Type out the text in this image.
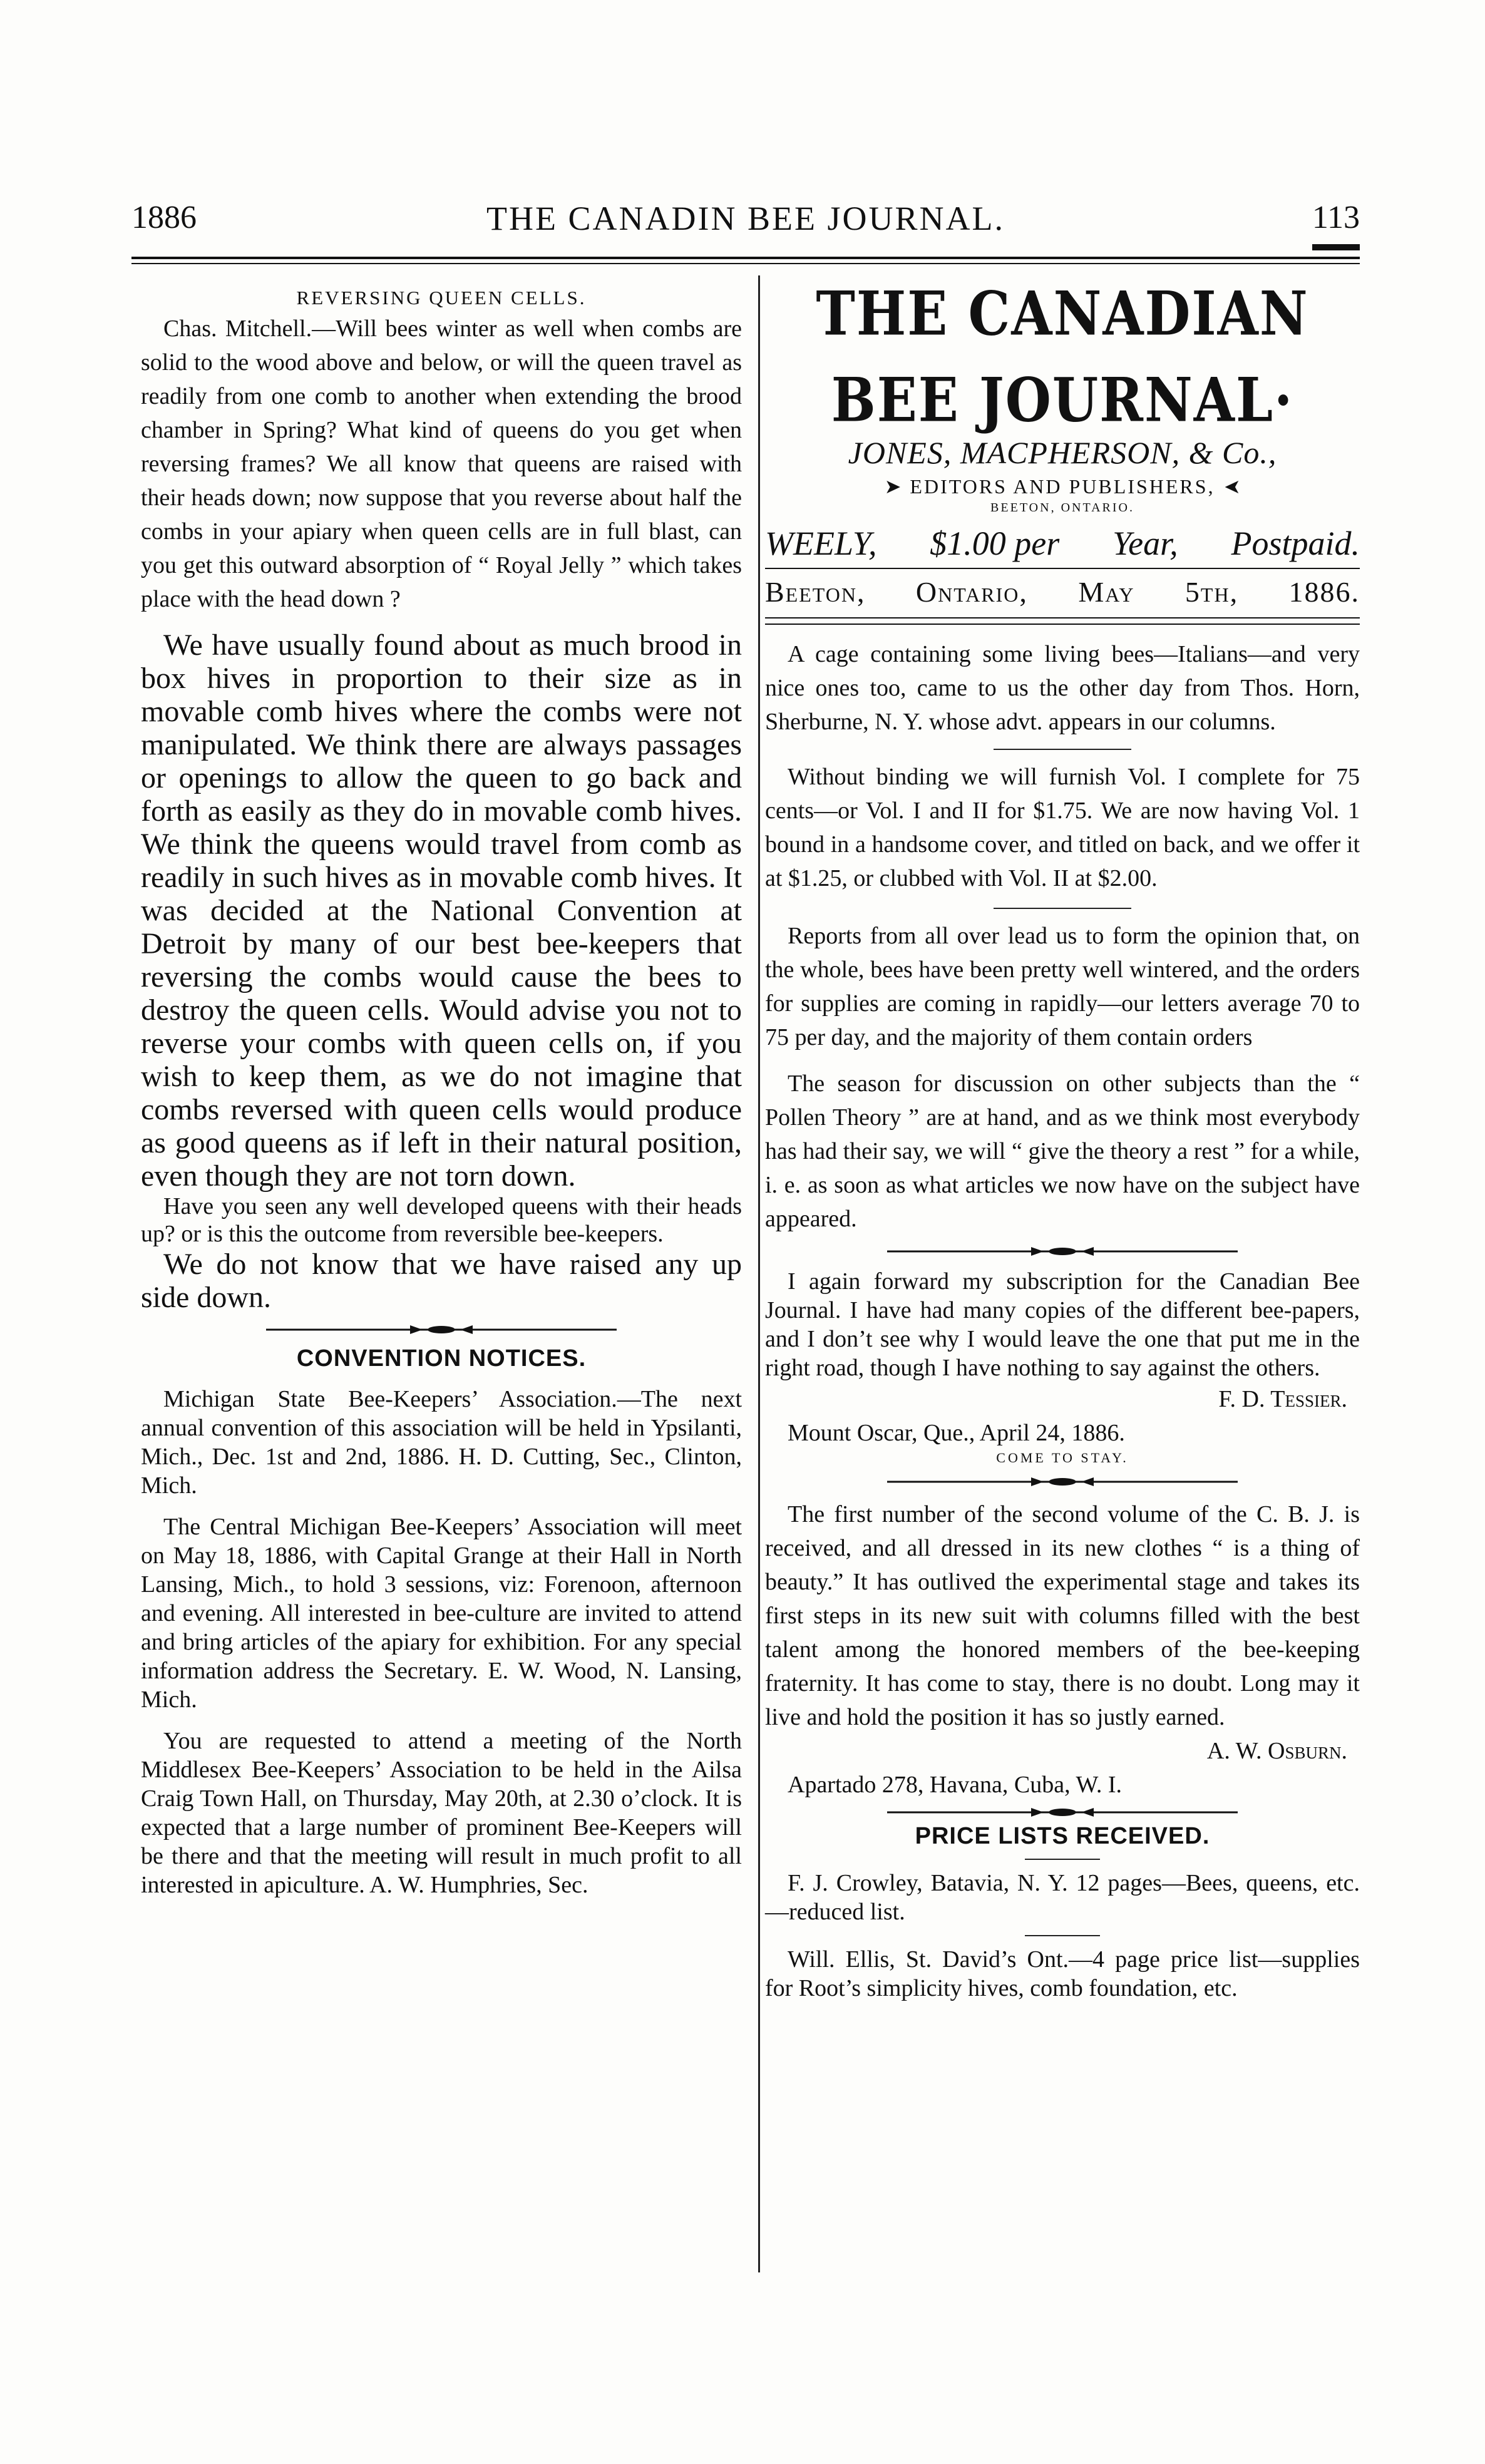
1886	THE CANADIN BEE JOURNAL.	113
REVERSING QUEEN CELLS.

Chas. Mitchell.—Will bees winter as well when combs are solid to the wood above and below, or will the queen travel as readily from one comb to another when extending the brood chamber in Spring? What kind of queens do you get when reversing frames? We all know that queens are raised with their heads down; now suppose that you reverse about half the combs in your apiary when queen cells are in full blast, can you get this outward absorption of “ Royal Jelly ” which takes place with the head down ?

We have usually found about as much brood in box hives in proportion to their size as in movable comb hives where the combs were not manipulated. We think there are always passages or openings to allow the queen to go back and forth as easily as they do in movable comb hives. We think the queens would travel from comb as readily in such hives as in movable comb hives. It was decided at the National Convention at Detroit by many of our best bee-keepers that reversing the combs would cause the bees to destroy the queen cells. Would advise you not to reverse your combs with queen cells on, if you wish to keep them, as we do not imagine that combs reversed with queen cells would produce as good queens as if left in their natural position, even though they are not torn down.

Have you seen any well developed queens with their heads up? or is this the outcome from reversible bee-keepers.

We do not know that we have raised any up side down.

CONVENTION NOTICES.

Michigan State Bee-Keepers’ Association.—The next annual convention of this association will be held in Ypsilanti, Mich., Dec. 1st and 2nd, 1886. H. D. Cutting, Sec., Clinton, Mich.

The Central Michigan Bee-Keepers’ Association will meet on May 18, 1886, with Capital Grange at their Hall in North Lansing, Mich., to hold 3 sessions, viz: Forenoon, afternoon and evening. All interested in bee-culture are invited to attend and bring articles of the apiary for exhibition. For any special information address the Secretary. E. W. Wood, N. Lansing, Mich.

You are requested to attend a meeting of the North Middlesex Bee-Keepers’ Association to be held in the Ailsa Craig Town Hall, on Thursday, May 20th, at 2.30 o’clock. It is expected that a large number of prominent Bee-Keepers will be there and that the meeting will result in much profit to all interested in apiculture. A. W. Humphries, Sec.

THE CANADIAN BEE JOURNAL·
JONES, MACPHERSON, & Co.,
➤ EDITORS AND PUBLISHERS, ➤
BEETON, ONTARIO.
WEELY, $1.00 per Year, Postpaid.
Beeton, Ontario, May 5th, 1886.

A cage containing some living bees—Italians—and very nice ones too, came to us the other day from Thos. Horn, Sherburne, N. Y. whose advt. appears in our columns.

Without binding we will furnish Vol. I complete for 75 cents—or Vol. I and II for $1.75. We are now having Vol. 1 bound in a handsome cover, and titled on back, and we offer it at $1.25, or clubbed with Vol. II at $2.00.

Reports from all over lead us to form the opinion that, on the whole, bees have been pretty well wintered, and the orders for supplies are coming in rapidly—our letters average 70 to 75 per day, and the majority of them contain orders

The season for discussion on other subjects than the “ Pollen Theory ” are at hand, and as we think most everybody has had their say, we will “ give the theory a rest ” for a while, i. e. as soon as what articles we now have on the subject have appeared.

I again forward my subscription for the Canadian Bee Journal. I have had many copies of the different bee-papers, and I don’t see why I would leave the one that put me in the right road, though I have nothing to say against the others.

F. D. Tessier.

Mount Oscar, Que., April 24, 1886.

COME TO STAY.

The first number of the second volume of the C. B. J. is received, and all dressed in its new clothes “ is a thing of beauty.” It has outlived the experimental stage and takes its first steps in its new suit with columns filled with the best talent among the honored members of the bee-keeping fraternity. It has come to stay, there is no doubt. Long may it live and hold the position it has so justly earned.

A. W. Osburn.

Apartado 278, Havana, Cuba, W. I.

PRICE LISTS RECEIVED.

F. J. Crowley, Batavia, N. Y. 12 pages—Bees, queens, etc.—reduced list.

Will. Ellis, St. David’s Ont.—4 page price list—supplies for Root’s simplicity hives, comb foundation, etc.
